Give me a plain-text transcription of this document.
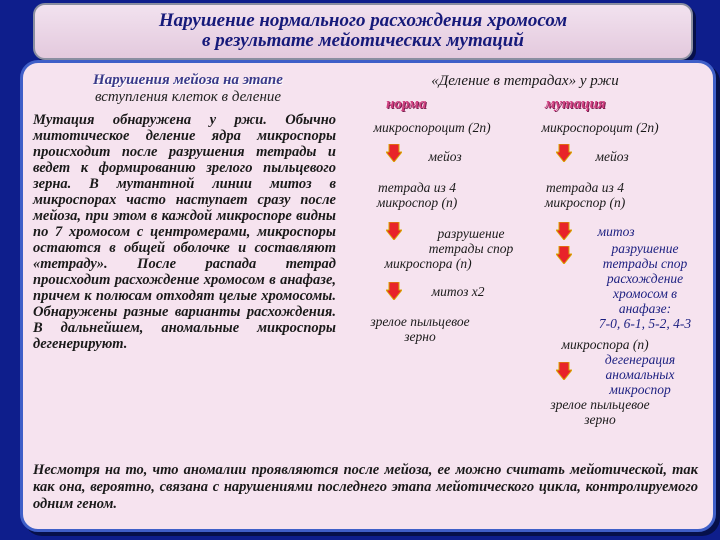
Нарушение нормального расхождения хромосом
в результате мейотических мутаций
Нарушения мейоза на этапе
вступления клеток в деление
Мутация обнаружена у ржи. Обычно митотическое деление ядра микроспоры происходит после разрушения тетрады и ведет к формированию зрелого пыльцевого зерна. В мутантной линии митоз в микроспорах часто наступает сразу после мейоза, при этом в каждой микроспоре видны по 7 хромосом с центромерами, микроспоры остаются в общей оболочке и составляют «тетраду». После распада тетрад происходит расхождение хромосом в анафазе, причем к полюсам отходят целые хромосомы. Обнаружены разные варианты расхождения. В дальнейшем, аномальные микроспоры дегенерируют.
Несмотря на то, что аномалии проявляются после мейоза, ее можно считать мейотической, так как она, вероятно, связана с нарушениями последнего этапа мейотического цикла, контролируемого одним геном.
«Деление в тетрадах» у ржи
норма	мутация
микроспороцит (2n)
мейоз
тетрада из 4
микроспор (n)
разрушение
тетрады спор
микроспора (n)
митоз х2
зрелое пыльцевое
зерно
микроспороцит (2n)
мейоз
тетрада из 4
микроспор (n)
митоз
разрушение
тетрады спор
расхождение
хромосом в
анафазе:
7-0, 6-1, 5-2, 4-3
микроспора (n)
дегенерация
аномальных
микроспор
зрелое пыльцевое
зерно
